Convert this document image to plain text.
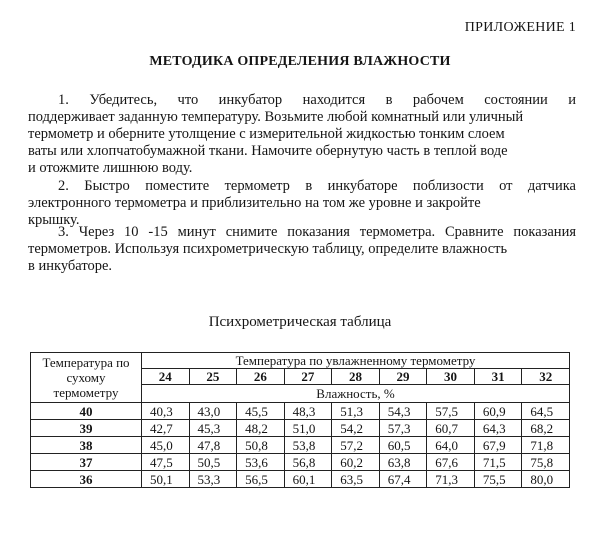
ПРИЛОЖЕНИЕ 1
МЕТОДИКА ОПРЕДЕЛЕНИЯ ВЛАЖНОСТИ

1. Убедитесь, что инкубатор находится в рабочем состоянии и
поддерживает заданную температуру. Возьмите любой комнатный или уличный
термометр и оберните утолщение с измерительной жидкостью тонким слоем
ваты или хлопчатобумажной ткани. Намочите обернутую часть в теплой воде
и отожмите лишнюю воду.

2. Быстро поместите термометр в инкубаторе поблизости от датчика
электронного термометра и приблизительно на том же уровне и закройте
крышку.

3. Через 10 -15 минут снимите показания термометра. Сравните показания
термометров. Используя психрометрическую таблицу, определите влажность
в инкубаторе.

Психрометрическая таблица
Температура по сухому термометру	Температура по увлажненному термометру								
	24	25	26	27	28	29	30	31	32
	Влажность, %								
40	40,3	43,0	45,5	48,3	51,3	54,3	57,5	60,9	64,5
39	42,7	45,3	48,2	51,0	54,2	57,3	60,7	64,3	68,2
38	45,0	47,8	50,8	53,8	57,2	60,5	64,0	67,9	71,8
37	47,5	50,5	53,6	56,8	60,2	63,8	67,6	71,5	75,8
36	50,1	53,3	56,5	60,1	63,5	67,4	71,3	75,5	80,0
